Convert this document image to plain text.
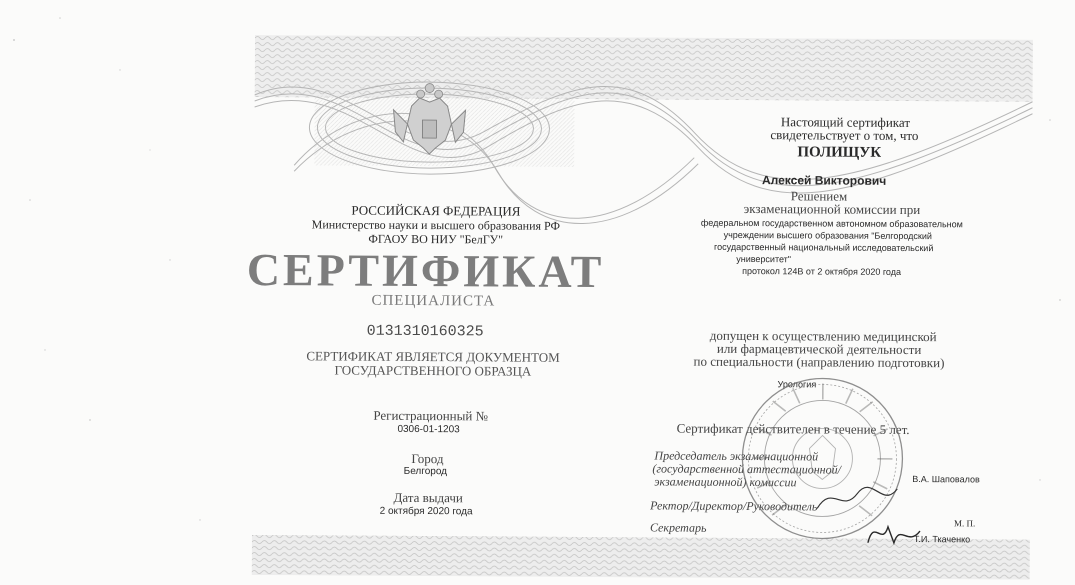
РОССИЙСКАЯ ФЕДЕРАЦИЯ
Министерство науки и высшего образования РФ
ФГАОУ ВО НИУ "БелГУ"
СЕРТИФИКАТ
СПЕЦИАЛИСТА
0131310160325
СЕРТИФИКАТ ЯВЛЯЕТСЯ ДОКУМЕНТОМ
ГОСУДАРСТВЕННОГО ОБРАЗЦА
Регистрационный №
0306-01-1203
Город
Белгород
Дата выдачи
2 октября 2020 года
Настоящий сертификат
свидетельствует о том, что
ПОЛИЩУК
Алексей Викторович
Решением
экзаменационной комиссии при
федеральном государственном автономном образовательном
учреждении высшего образования "Белгородский
государственный национальный исследовательский
университет"
протокол 124В от 2 октября 2020 года
допущен к осуществлению медицинской
или фармацевтической деятельности
по специальности (направлению подготовки)
Урология
Сертификат действителен в течение 5 лет.
Председатель экзаменационной
(государственной аттестационной/
экзаменационной) комиссии	В.А. Шаповалов
Ректор/Директор/Руководитель
Секретарь	М. П.
Т.И. Ткаченко
